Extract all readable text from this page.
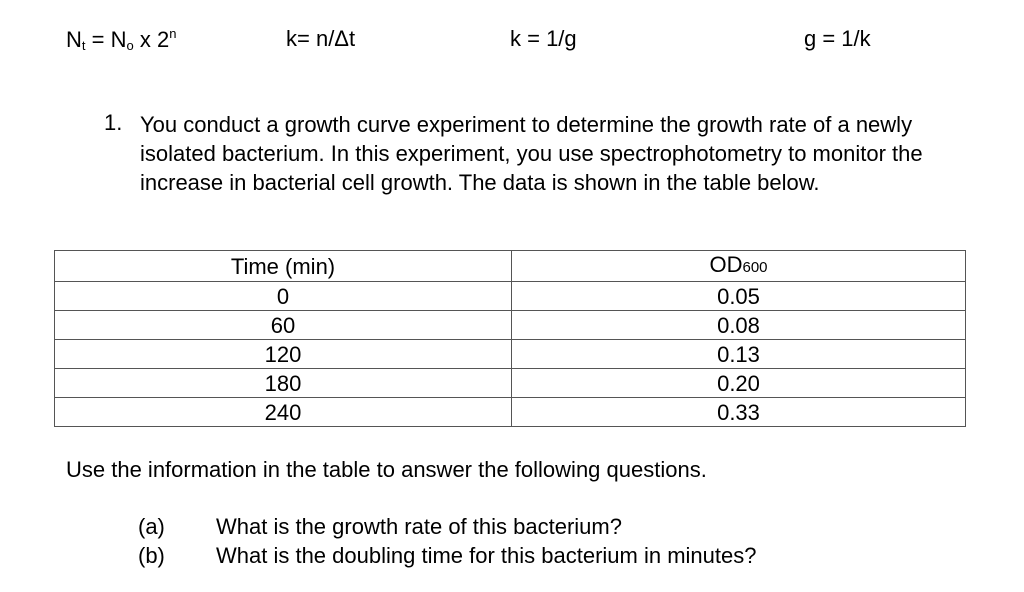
$N_t = N_o$ x 2$^n$	k= n/Δt	k = 1/g	g = 1/k
1. You conduct a growth curve experiment to determine the growth rate of a newly isolated bacterium. In this experiment, you use spectrophotometry to monitor the increase in bacterial cell growth. The data is shown in the table below.
Time (min)	OD600
0	0.05
60	0.08
120	0.13
180	0.20
240	0.33
Use the information in the table to answer the following questions.
(a) What is the growth rate of this bacterium?
(b) What is the doubling time for this bacterium in minutes?
